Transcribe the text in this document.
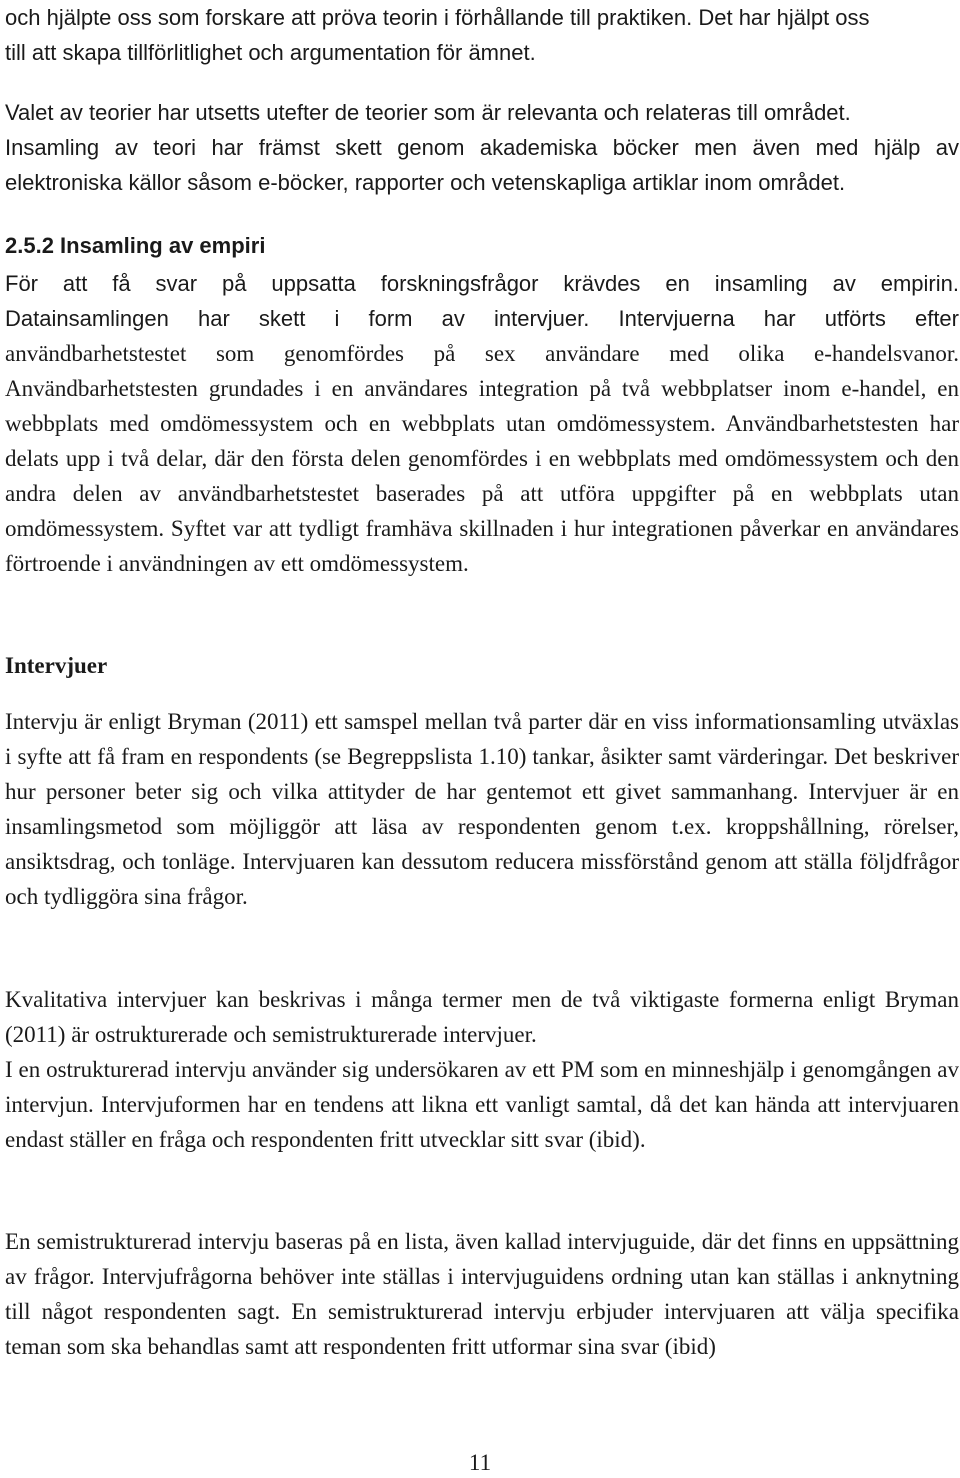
och hjälpte oss som forskare att pröva teorin i förhållande till praktiken. Det har hjälpt oss
till att skapa tillförlitlighet och argumentation för ämnet.
Valet av teorier har utsetts utefter de teorier som är relevanta och relateras till området.
Insamling av teori har främst skett genom akademiska böcker men även med hjälp av
elektroniska källor såsom e-böcker, rapporter och vetenskapliga artiklar inom området.
2.5.2 Insamling av empiri
För att få svar på uppsatta forskningsfrågor krävdes en insamling av empirin.
Datainsamlingen har skett i form av intervjuer. Intervjuerna har utförts efter

användbarhetstestet som genomfördes på sex användare med olika e-handelsvanor. Användbarhetstesten grundades i en användares integration på två webbplatser inom e-handel, en webbplats med omdömessystem och en webbplats utan omdömessystem. Användbarhetstesten har delats upp i två delar, där den första delen genomfördes i en webbplats med omdömessystem och den andra delen av användbarhetstestet baserades på att utföra uppgifter på en webbplats utan omdömessystem. Syftet var att tydligt framhäva skillnaden i hur integrationen påverkar en användares förtroende i användningen av ett omdömessystem.

Intervjuer

Intervju är enligt Bryman (2011) ett samspel mellan två parter där en viss informationsamling utväxlas i syfte att få fram en respondents (se Begreppslista 1.10) tankar, åsikter samt värderingar. Det beskriver hur personer beter sig och vilka attityder de har gentemot ett givet sammanhang. Intervjuer är en insamlingsmetod som möjliggör att läsa av respondenten genom t.ex. kroppshållning, rörelser, ansiktsdrag, och tonläge. Intervjuaren kan dessutom reducera missförstånd genom att ställa följdfrågor och tydliggöra sina frågor.

Kvalitativa intervjuer kan beskrivas i många termer men de två viktigaste formerna enligt Bryman (2011) är ostrukturerade och semistrukturerade intervjuer.

I en ostrukturerad intervju använder sig undersökaren av ett PM som en minneshjälp i genomgången av intervjun. Intervjuformen har en tendens att likna ett vanligt samtal, då det kan hända att intervjuaren endast ställer en fråga och respondenten fritt utvecklar sitt svar (ibid).

En semistrukturerad intervju baseras på en lista, även kallad intervjuguide, där det finns en uppsättning av frågor. Intervjufrågorna behöver inte ställas i intervjuguidens ordning utan kan ställas i anknytning till något respondenten sagt. En semistrukturerad intervju erbjuder intervjuaren att välja specifika teman som ska behandlas samt att respondenten fritt utformar sina svar (ibid)

11
